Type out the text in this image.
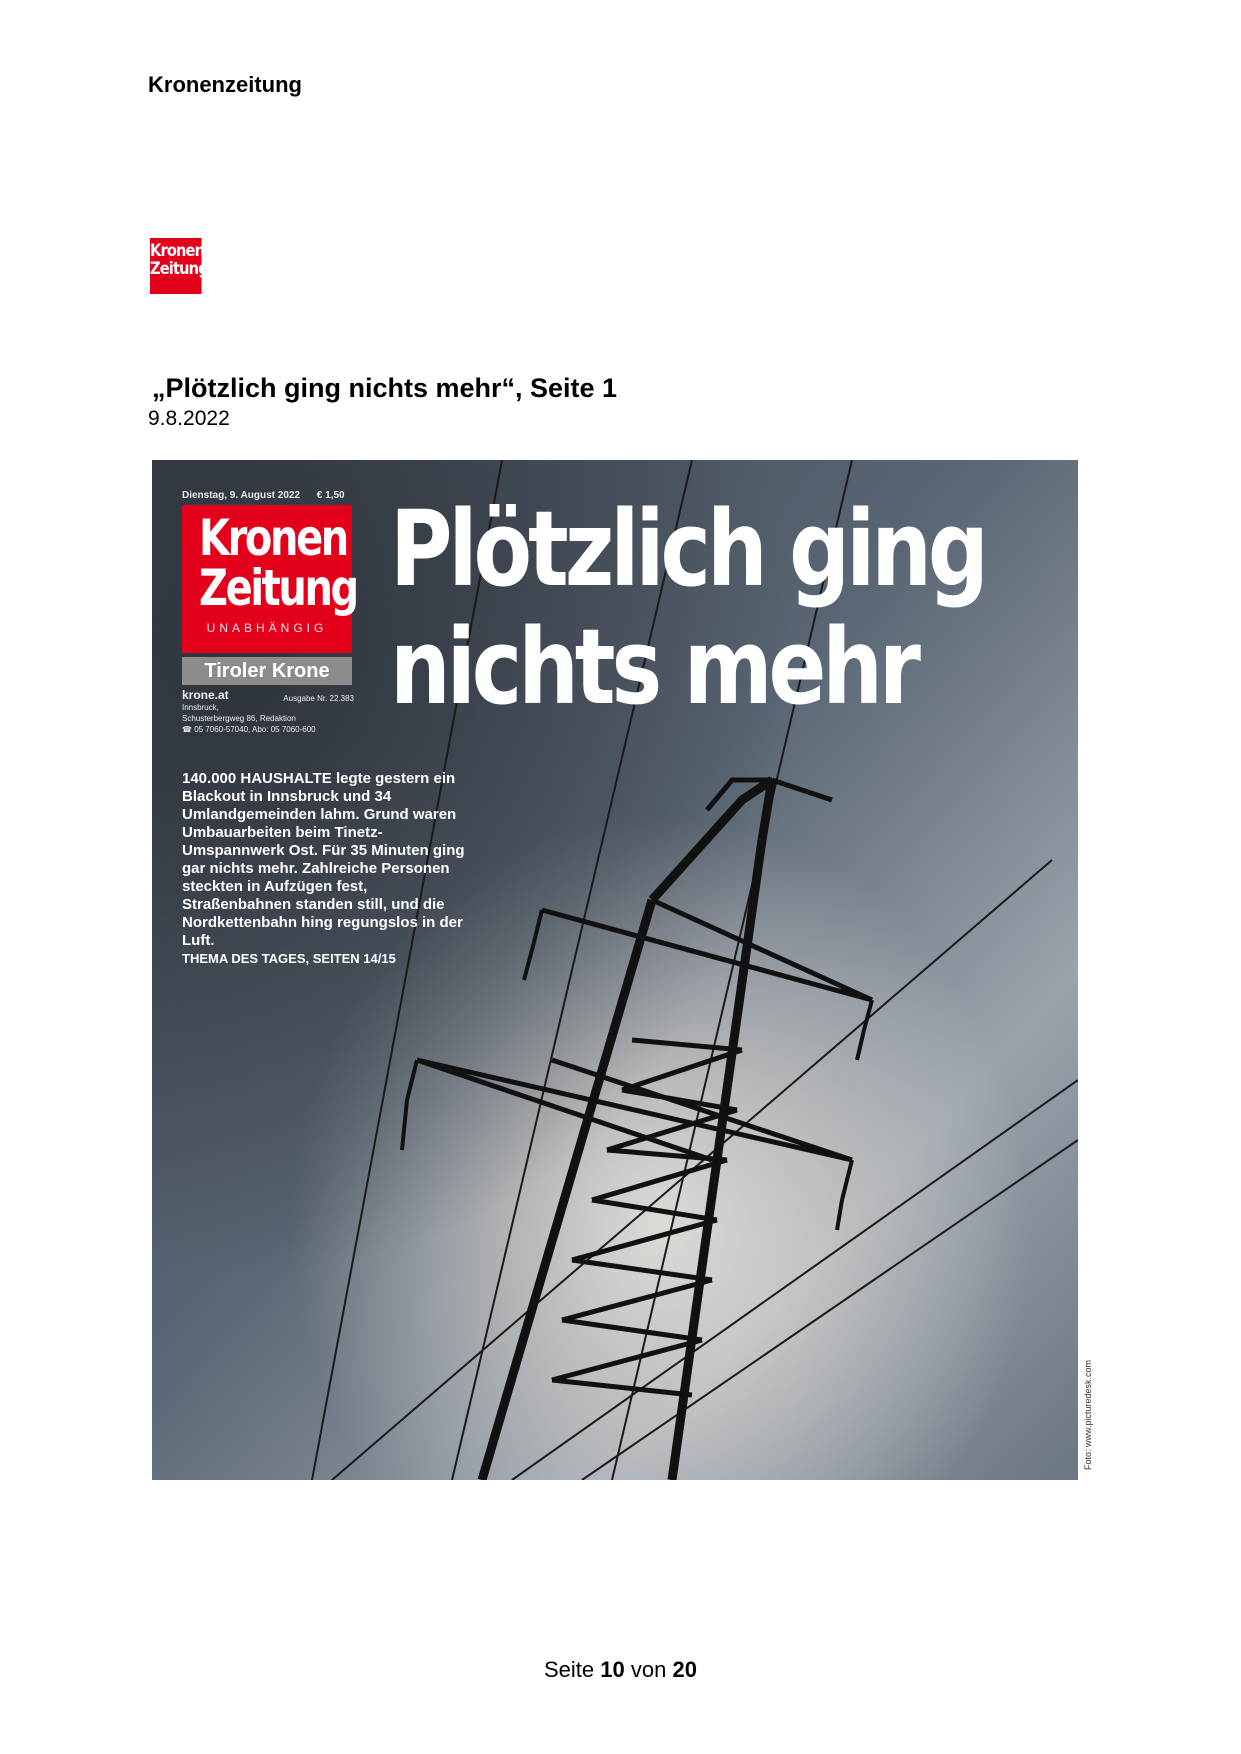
Kronenzeitung
Kronen
Zeitung
„Plötzlich ging nichts mehr“, Seite 1
9.8.2022
Dienstag, 9. August 2022 € 1,50
Kronen
Zeitung
UNABHÄNGIG
Tiroler Krone
krone.at	Ausgabe Nr. 22.383
Innsbruck, Schusterbergweg 86, Redaktion
☎ 05 7060-57040, Abo: 05 7060-600
Plötzlich ging
nichts mehr
140.000 HAUSHALTE legte gestern ein Blackout in Innsbruck und 34 Umlandgemeinden lahm. Grund waren Umbauarbeiten beim Tinetz-Umspannwerk Ost. Für 35 Minuten ging gar nichts mehr. Zahlreiche Personen steckten in Aufzügen fest, Straßenbahnen standen still, und die Nordkettenbahn hing regungslos in der Luft.
THEMA DES TAGES, SEITEN 14/15
Foto: www.picturedesk.com
Seite 10 von 20
